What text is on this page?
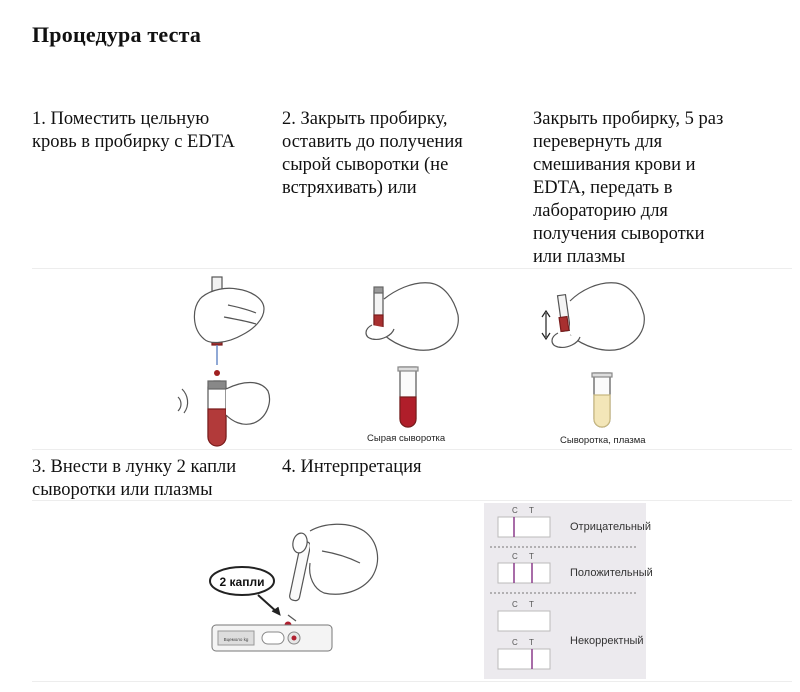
Процедура теста
1. Поместить цельную
кровь в пробирку с EDTA
2. Закрыть пробирку,
оставить до получения
сырой сыворотки (не
встряхивать) или
Закрыть пробирку, 5 раз
перевернуть для
смешивания крови и
EDTA, передать в
лабораторию для
получения сыворотки
или плазмы
Сырая сыворотка	Сыворотка, плазма
3. Внести в лунку 2 капли
сыворотки или плазмы
4. Интерпретация
2 капли
Вцемоло kg
C T
C T
C T
C T
Отрицательный
Положительный
Некорректный
